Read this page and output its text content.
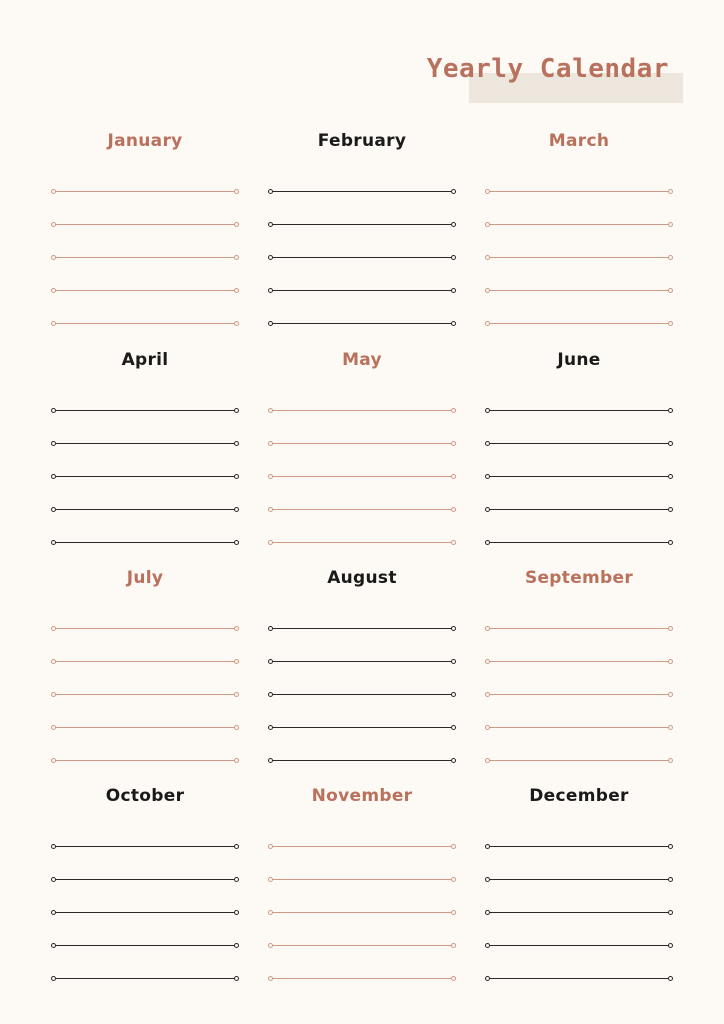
Yearly Calendar
January	February	March
April	May	June
July	August	September
October	November	December
